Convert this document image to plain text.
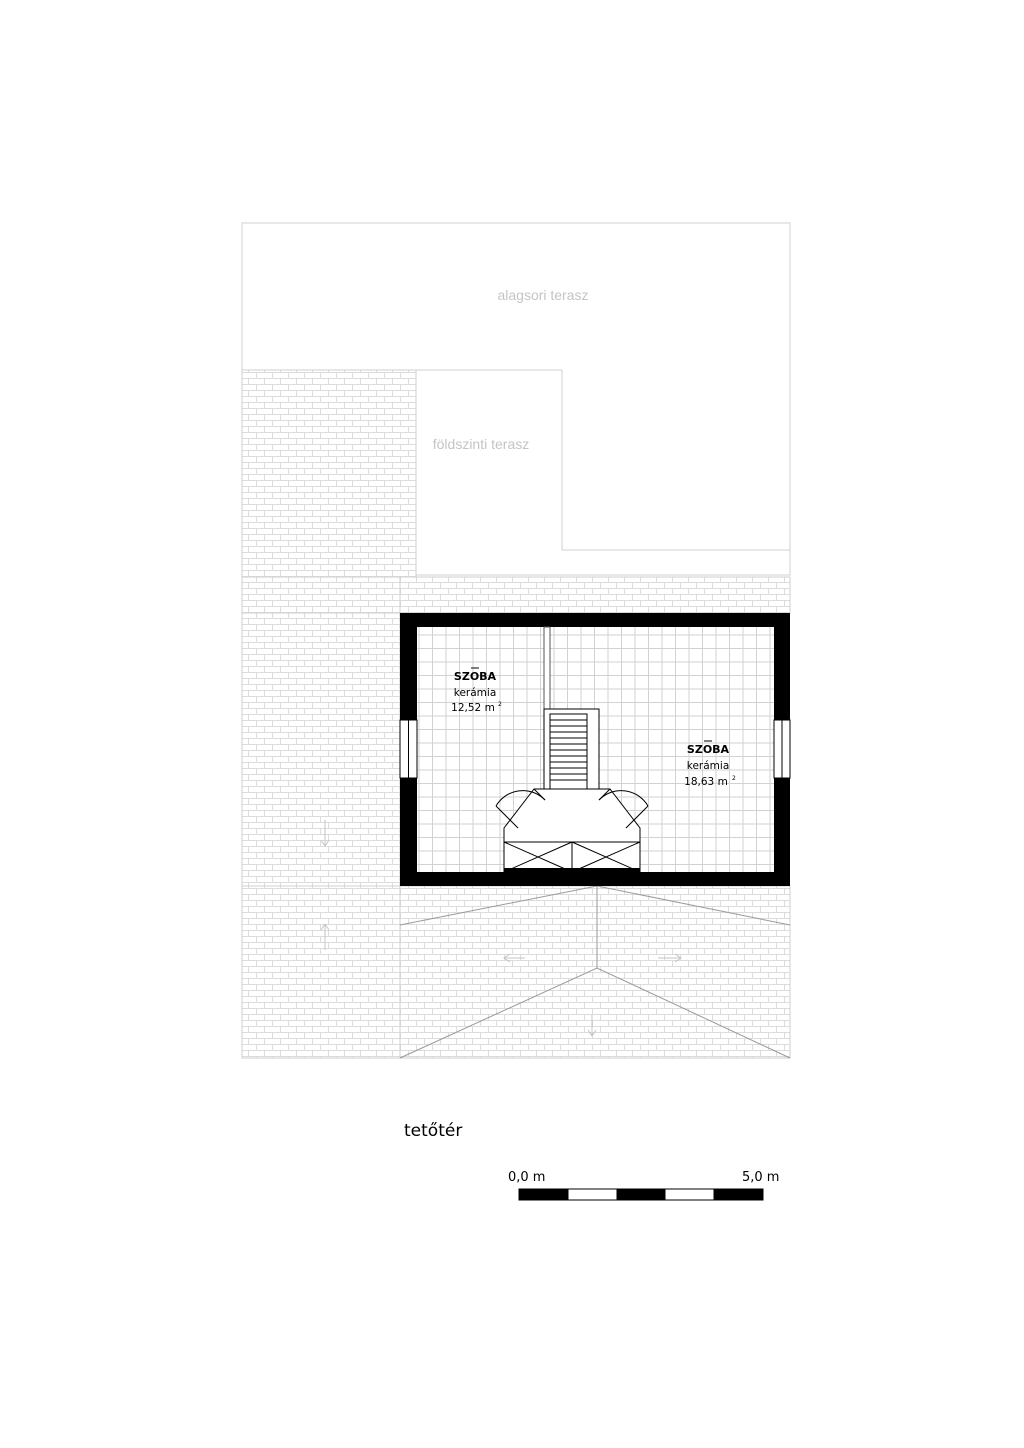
alagsori terasz
földszinti terasz
SZOBA
kerámia
12,52 m 2
SZOBA
kerámia
18,63 m 2
tetőtér
0,0 m	5,0 m
